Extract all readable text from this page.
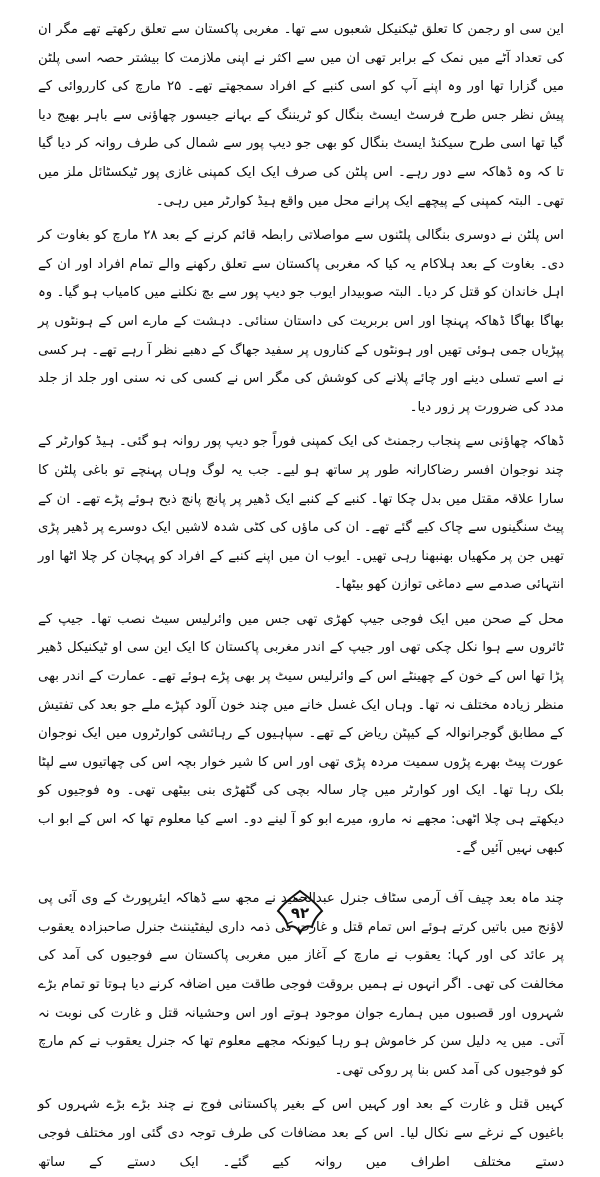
این سی او رجمن کا تعلق ٹیکنیکل شعبوں سے تھا۔ مغربی پاکستان سے تعلق رکھتے تھے مگر ان کی تعداد آٹے میں نمک کے برابر تھی ان میں سے اکثر نے اپنی ملازمت کا بیشتر حصہ اسی پلٹن میں گزارا تھا اور وہ اپنے آپ کو اسی کنبے کے افراد سمجھتے تھے۔ ۲۵ مارچ کی کارروائی کے پیش نظر جس طرح فرسٹ ایسٹ بنگال کو ٹریننگ کے بہانے جیسور چھاؤنی سے باہر بھیج دیا گیا تھا اسی طرح سیکنڈ ایسٹ بنگال کو بھی جو دیپ پور سے شمال کی طرف روانہ کر دیا گیا تا کہ وہ ڈھاکہ سے دور رہے۔ اس پلٹن کی صرف ایک ایک کمپنی غازی پور ٹیکسٹائل ملز میں تھی۔ البتہ کمپنی کے پیچھے ایک پرانے محل میں واقع ہیڈ کوارٹر میں رہی۔

اس پلٹن نے دوسری بنگالی پلٹنوں سے مواصلاتی رابطہ قائم کرنے کے بعد ۲۸ مارچ کو بغاوت کر دی۔ بغاوت کے بعد ہلاکام یہ کیا کہ مغربی پاکستان سے تعلق رکھنے والے تمام افراد اور ان کے اہل خاندان کو قتل کر دیا۔ البتہ صوبیدار ایوب جو دیپ پور سے بچ نکلنے میں کامیاب ہو گیا۔ وہ بھاگا بھاگا ڈھاکہ پہنچا اور اس بربریت کی داستان سنائی۔ دہشت کے مارے اس کے ہونٹوں پر پپڑیاں جمی ہوئی تھیں اور ہونٹوں کے کناروں پر سفید جھاگ کے دھبے نظر آ رہے تھے۔ ہر کسی نے اسے تسلی دینے اور چائے پلانے کی کوشش کی مگر اس نے کسی کی نہ سنی اور جلد از جلد مدد کی ضرورت پر زور دیا۔

ڈھاکہ چھاؤنی سے پنجاب رجمنٹ کی ایک کمپنی فوراً جو دیپ پور روانہ ہو گئی۔ ہیڈ کوارٹر کے چند نوجوان افسر رضاکارانہ طور پر ساتھ ہو لیے۔ جب یہ لوگ وہاں پہنچے تو باغی پلٹن کا سارا علاقہ مقتل میں بدل چکا تھا۔ کنبے کے کنبے ایک ڈھیر پر پانچ پانچ ذبح ہوئے پڑے تھے۔ ان کے پیٹ سنگینوں سے چاک کیے گئے تھے۔ ان کی ماؤں کی کٹی شدہ لاشیں ایک دوسرے پر ڈھیر پڑی تھیں جن پر مکھیاں بھنبھنا رہی تھیں۔ ایوب ان میں اپنے کنبے کے افراد کو پہچان کر چلا اٹھا اور انتہائی صدمے سے دماغی توازن کھو بیٹھا۔

محل کے صحن میں ایک فوجی جیپ کھڑی تھی جس میں وائرلیس سیٹ نصب تھا۔ جیپ کے ٹائروں سے ہوا نکل چکی تھی اور جیپ کے اندر مغربی پاکستان کا ایک این سی او ٹیکنیکل ڈھیر پڑا تھا اس کے خون کے چھینٹے اس کے وائرلیس سیٹ پر بھی پڑے ہوئے تھے۔ عمارت کے اندر بھی منظر زیادہ مختلف نہ تھا۔ وہاں ایک غسل خانے میں چند خون آلود کپڑے ملے جو بعد کی تفتیش کے مطابق گوجرانوالہ کے کیپٹن ریاض کے تھے۔ سپاہیوں کے رہائشی کوارٹروں میں ایک نوجوان عورت پیٹ بھرے پڑوں سمیت مردہ پڑی تھی اور اس کا شیر خوار بچہ اس کی چھاتیوں سے لپٹا بلک رہا تھا۔ ایک اور کوارٹر میں چار سالہ بچی کی گٹھڑی بنی بیٹھی تھی۔ وہ فوجیوں کو دیکھتے ہی چلا اٹھی: مجھے نہ مارو، میرے ابو کو آ لینے دو۔ اسے کیا معلوم تھا کہ اس کے ابو اب کبھی نہیں آئیں گے۔

چند ماہ بعد چیف آف آرمی سٹاف جنرل عبدالحمید نے مجھ سے ڈھاکہ ایئرپورٹ کے وی آئی پی لاؤنج میں باتیں کرتے ہوئے اس تمام قتل و غارت کی ذمہ داری لیفٹیننٹ جنرل صاحبزادہ یعقوب پر عائد کی اور کہا: یعقوب نے مارچ کے آغاز میں مغربی پاکستان سے فوجیوں کی آمد کی مخالفت کی تھی۔ اگر انہوں نے ہمیں بروقت فوجی طاقت میں اضافہ کرنے دیا ہوتا تو تمام بڑے شہروں اور قصبوں میں ہمارے جوان موجود ہوتے اور اس وحشیانہ قتل و غارت کی نوبت نہ آتی۔ میں یہ دلیل سن کر خاموش ہو رہا کیونکہ مجھے معلوم تھا کہ جنرل یعقوب نے کم مارچ کو فوجیوں کی آمد کس بنا پر روکی تھی۔

کہیں قتل و غارت کے بعد اور کہیں اس کے بغیر پاکستانی فوج نے چند بڑے بڑے شہروں کو باغیوں کے نرغے سے نکال لیا۔ اس کے بعد مضافات کی طرف توجہ دی گئی اور مختلف فوجی دستے مختلف اطراف میں روانہ کیے گئے۔ ایک دستے کے ساتھ

۹۲
